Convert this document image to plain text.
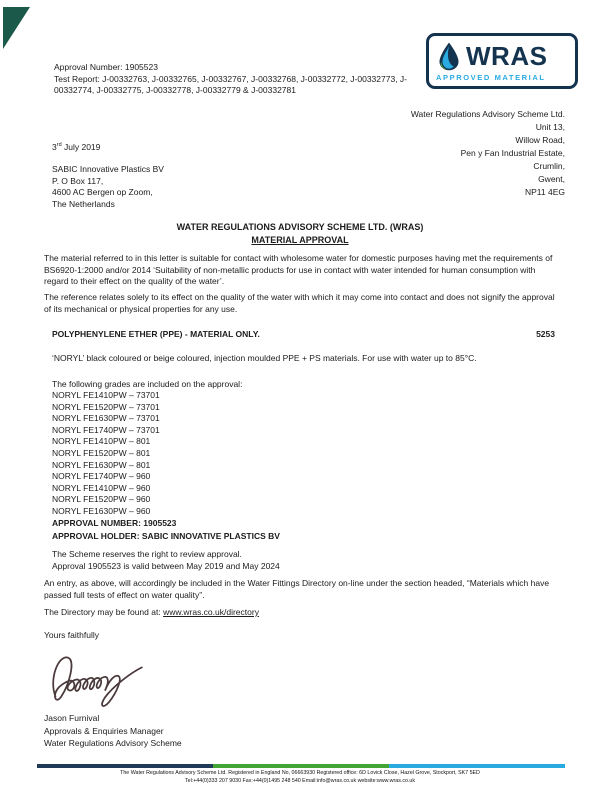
Approval Number: 1905523
Test Report: J-00332763, J-00332765, J-00332767, J-00332768, J-00332772, J-00332773, J-00332774, J-00332775, J-00332778, J-00332779 & J-00332781
WRAS
APPROVED MATERIAL
Water Regulations Advisory Scheme Ltd.
Unit 13,
Willow Road,
Pen y Fan Industrial Estate,
Crumlin,
Gwent,
NP11 4EG
3rd July 2019
SABIC Innovative Plastics BV
P. O Box 117,
4600 AC Bergen op Zoom,
The Netherlands
WATER REGULATIONS ADVISORY SCHEME LTD. (WRAS)
MATERIAL APPROVAL
The material referred to in this letter is suitable for contact with wholesome water for domestic purposes having met the requirements of BS6920-1:2000 and/or 2014 ‘Suitability of non-metallic products for use in contact with water intended for human consumption with regard to their effect on the quality of the water’.
The reference relates solely to its effect on the quality of the water with which it may come into contact and does not signify the approval of its mechanical or physical properties for any use.
POLYPHENYLENE ETHER (PPE) - MATERIAL ONLY.	5253
‘NORYL’ black coloured or beige coloured, injection moulded PPE + PS materials. For use with water up to 85°C.
The following grades are included on the approval:
NORYL FE1410PW – 73701
NORYL FE1520PW – 73701
NORYL FE1630PW – 73701
NORYL FE1740PW – 73701
NORYL FE1410PW – 801
NORYL FE1520PW – 801
NORYL FE1630PW – 801
NORYL FE1740PW – 960
NORYL FE1410PW – 960
NORYL FE1520PW – 960
NORYL FE1630PW – 960
APPROVAL NUMBER: 1905523
APPROVAL HOLDER: SABIC INNOVATIVE PLASTICS BV
The Scheme reserves the right to review approval.
Approval 1905523 is valid between May 2019 and May 2024
An entry, as above, will accordingly be included in the Water Fittings Directory on-line under the section headed, “Materials which have passed full tests of effect on water quality”.
The Directory may be found at: www.wras.co.uk/directory
Yours faithfully
Jason Furnival
Approvals & Enquiries Manager
Water Regulations Advisory Scheme
The Water Regulations Advisory Scheme Ltd. Registered in England No, 06663930 Registered office: 6D Lovick Close, Hazel Grove, Stockport, SK7 5ED
Tel:+44(0)333 207 9030 Fax:+44(0)1495 248 540 Email:info@wras.co.uk website:www.wras.co.uk
